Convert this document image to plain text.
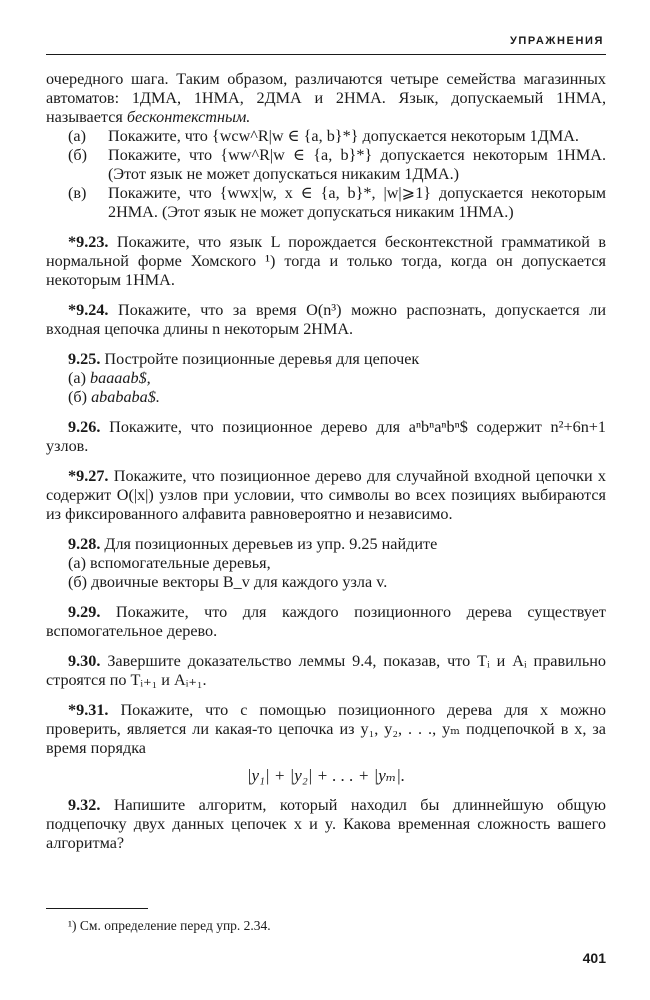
УПРАЖНЕНИЯ

очередного шага. Таким образом, различаются четыре семейства магазинных автоматов: 1ДМА, 1НМА, 2ДМА и 2НМА. Язык, допускаемый 1НМА, называется бесконтекстным.

(а)	Покажите, что {wcw^R|w ∈ {a, b}*} допускается некоторым 1ДМА.
(б)	Покажите, что {ww^R|w ∈ {a, b}*} допускается некоторым 1НМА. (Этот язык не может допускаться никаким 1ДМА.)
(в)	Покажите, что {wwx|w, x ∈ {a, b}*, |w|⩾1} допускается некоторым 2НМА. (Этот язык не может допускаться никаким 1НМА.)

*9.23. Покажите, что язык L порождается бесконтекстной грамматикой в нормальной форме Хомского ¹) тогда и только тогда, когда он допускается некоторым 1НМА.

*9.24. Покажите, что за время O(n³) можно распознать, допускается ли входная цепочка длины n некоторым 2НМА.

9.25. Постройте позиционные деревья для цепочек

(а) baaaab$,
(б) abababa$.

9.26. Покажите, что позиционное дерево для aⁿbⁿaⁿbⁿ$ содержит n²+6n+1 узлов.

*9.27. Покажите, что позиционное дерево для случайной входной цепочки x содержит O(|x|) узлов при условии, что символы во всех позициях выбираются из фиксированного алфавита равновероятно и независимо.

9.28. Для позиционных деревьев из упр. 9.25 найдите

(а) вспомогательные деревья,
(б) двоичные векторы B_v для каждого узла v.

9.29. Покажите, что для каждого позиционного дерева существует вспомогательное дерево.

9.30. Завершите доказательство леммы 9.4, показав, что Tᵢ и Aᵢ правильно строятся по Tᵢ₊₁ и Aᵢ₊₁.

*9.31. Покажите, что с помощью позиционного дерева для x можно проверить, является ли какая-то цепочка из y₁, y₂, . . ., yₘ подцепочкой в x, за время порядка

|y₁| + |y₂| + . . . + |yₘ|.

9.32. Напишите алгоритм, который находил бы длиннейшую общую подцепочку двух данных цепочек x и y. Какова временная сложность вашего алгоритма?

¹) См. определение перед упр. 2.34.
401
